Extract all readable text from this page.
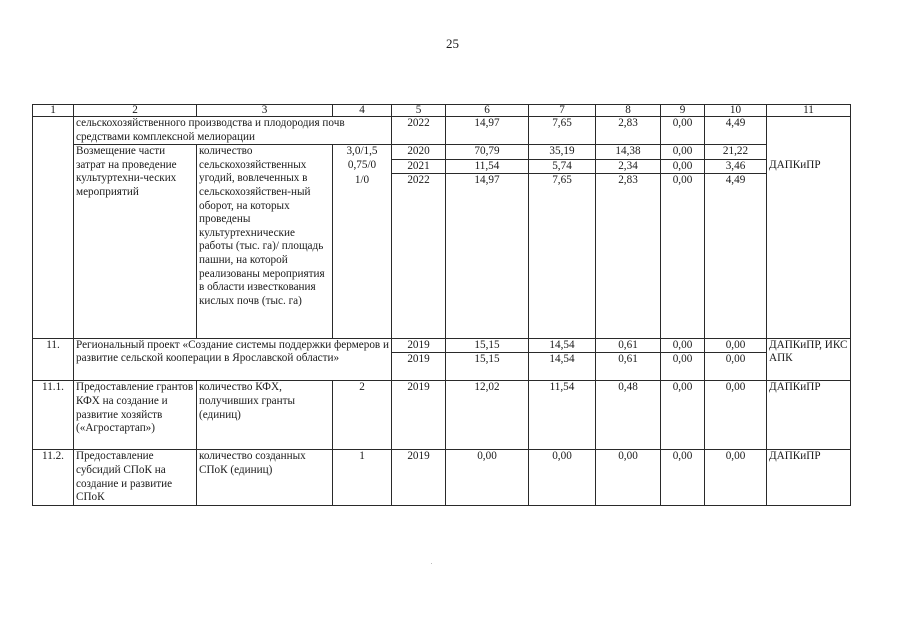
25
1	2	3	4	5	6	7	8	9	10	11
	сельскохозяйственного производства и плодородия почв средствами комплексной мелиорации			2022	14,97	7,65	2,83	0,00	4,49	
	Возмещение части затрат на проведение культуртехни-ческих мероприятий	количество сельскохозяйственных угодий, вовлеченных в сельскохозяйствен-ный оборот, на которых проведены культуртехнические работы (тыс. га)/ площадь пашни, на которой реализованы мероприятия в области известкования кислых почв (тыс. га)	3,0/1,5	2020	70,79	35,19	14,38	0,00	21,22	ДАПКиПР
			0,75/0	2021	11,54	5,74	2,34	0,00	3,46	
			1/0	2022	14,97	7,65	2,83	0,00	4,49	
11.	Региональный проект «Создание системы поддержки фермеров и развитие сельской кооперации в Ярославской области»			2019	15,15	14,54	0,61	0,00	0,00	ДАПКиПР, ИКС АПК
				2019	15,15	14,54	0,61	0,00	0,00	
11.1.	Предоставление грантов КФХ на создание и развитие хозяйств («Агростартап»)	количество КФХ, получивших гранты (единиц)	2	2019	12,02	11,54	0,48	0,00	0,00	ДАПКиПР
11.2.	Предоставление субсидий СПоК на создание и развитие СПоК	количество созданных СПоК (единиц)	1	2019	0,00	0,00	0,00	0,00	0,00	ДАПКиПР
